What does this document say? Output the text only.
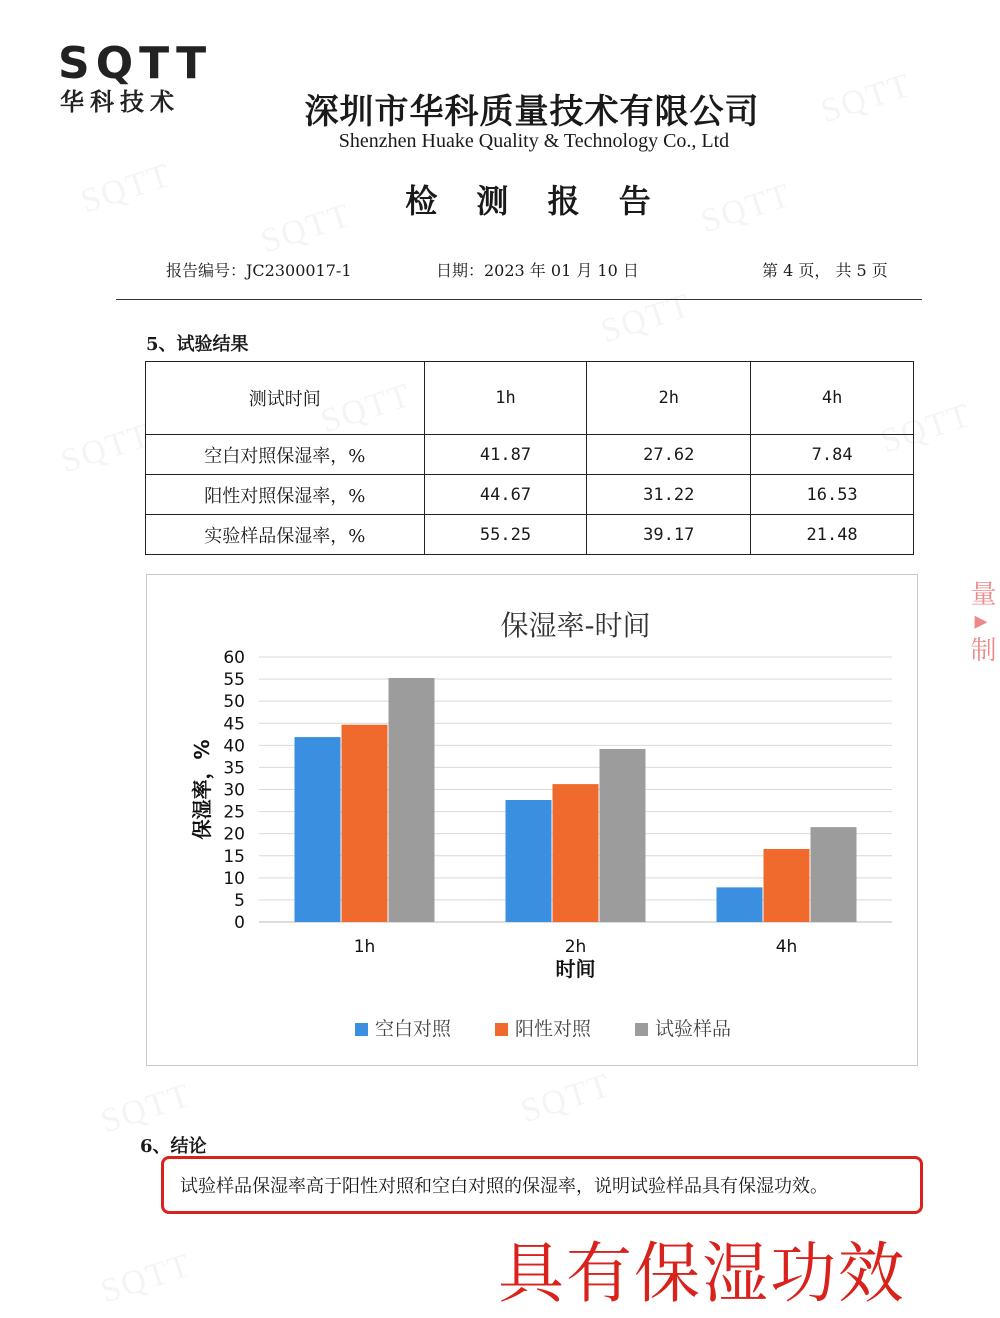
SQTT
华科技术	深圳市华科质量技术有限公司
Shenzhen Huake Quality & Technology Co., Ltd
检 测 报 告
报告编号：JC2300017-1	日期：2023 年 01 月 10 日	第 4 页， 共 5 页
5、试验结果
测试时间	1h	2h	4h
空白对照保湿率，%	41.87	27.62	7.84
阳性对照保湿率，%	44.67	31.22	16.53
实验样品保湿率，%	55.25	39.17	21.48
保湿率-时间
0
5
10
15
20
25
30
35
40
45
50
55
60
保湿率，%
1h	2h	4h
时间
空白对照	阳性对照	试验样品
量▸制
6、结论
试验样品保湿率高于阳性对照和空白对照的保湿率，说明试验样品具有保湿功效。
具有保湿功效
